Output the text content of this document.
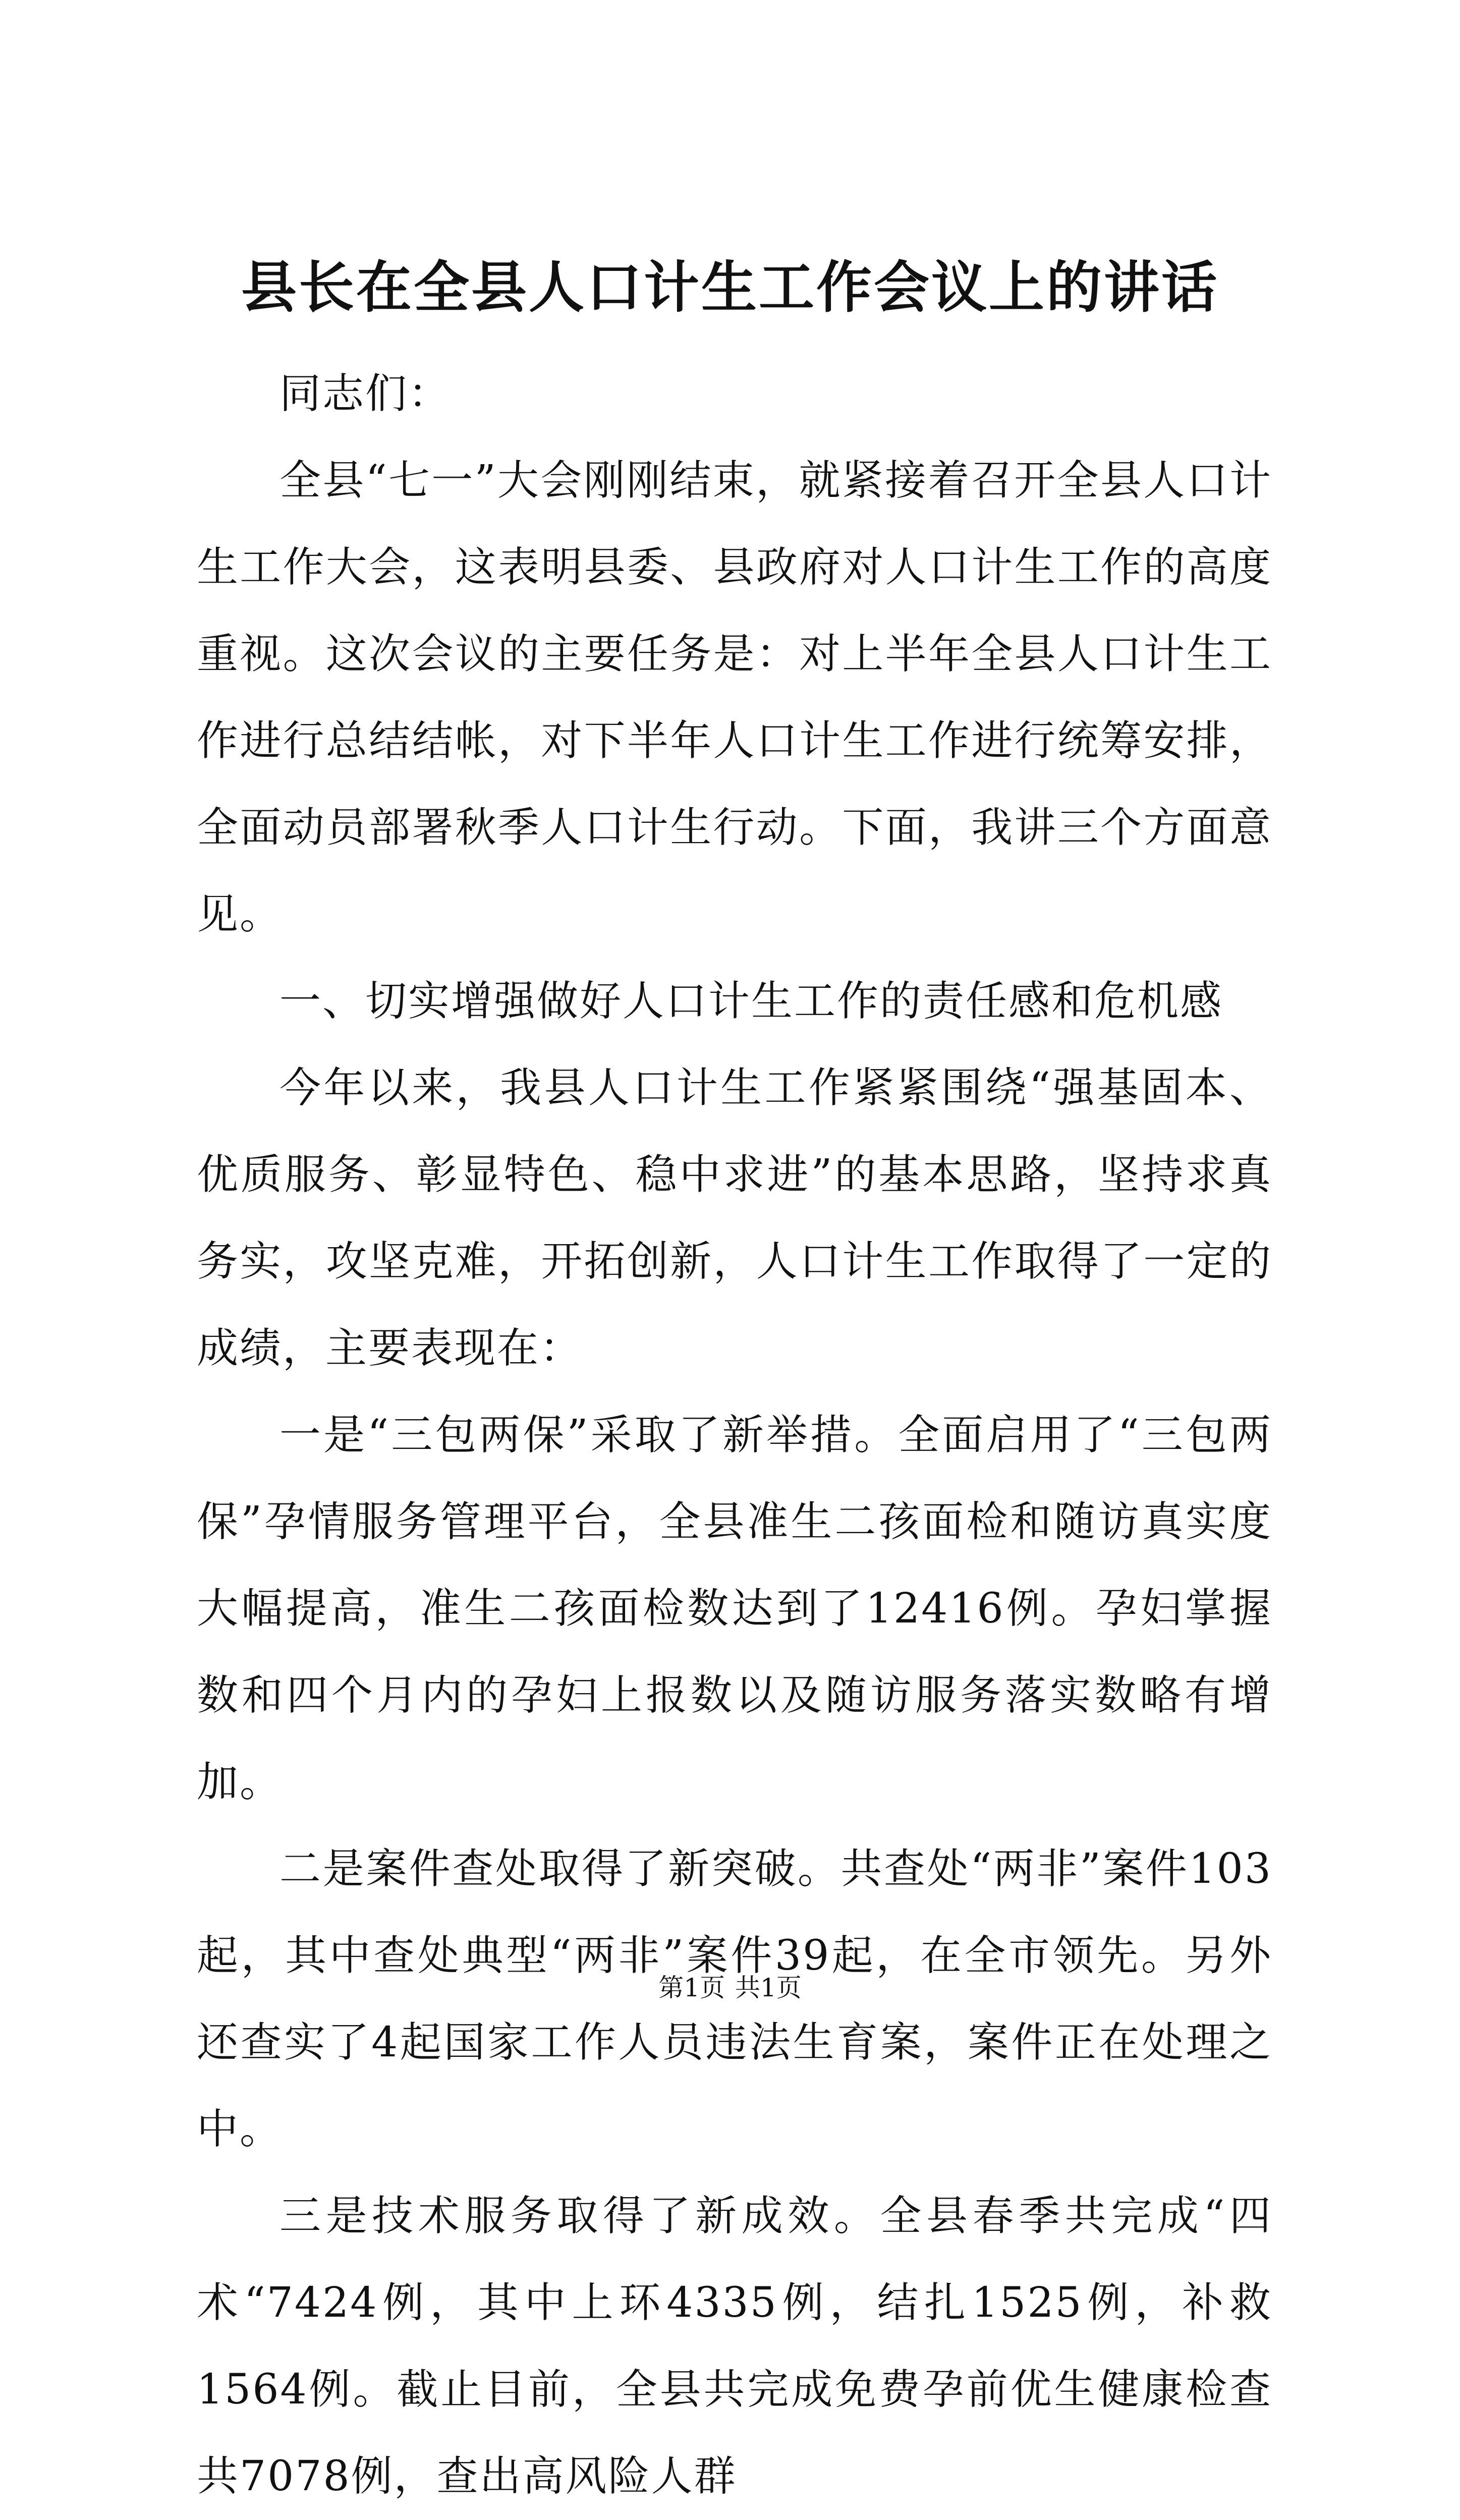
县长在全县人口计生工作会议上的讲话

同志们：

全县“七一”大会刚刚结束，就紧接着召开全县人口计生工作大会，这表明县委、县政府对人口计生工作的高度重视。这次会议的主要任务是：对上半年全县人口计生工作进行总结结帐，对下半年人口计生工作进行统筹安排，全面动员部署秋季人口计生行动。下面，我讲三个方面意见。

一、切实增强做好人口计生工作的责任感和危机感

今年以来，我县人口计生工作紧紧围绕“强基固本、优质服务、彰显特色、稳中求进”的基本思路，坚持求真务实，攻坚克难，开拓创新，人口计生工作取得了一定的成绩，主要表现在：

一是“三包两保”采取了新举措。全面启用了“三包两保”孕情服务管理平台，全县准生二孩面检和随访真实度大幅提高，准生二孩面检数达到了12416例。孕妇掌握数和四个月内的孕妇上报数以及随访服务落实数略有增加。

二是案件查处取得了新突破。共查处“两非”案件103起，其中查处典型“两非”案件39起，在全市领先。另外还查实了4起国家工作人员违法生育案，案件正在处理之中。

三是技术服务取得了新成效。全县春季共完成“四术“7424例，其中上环4335例，结扎1525例，补救1564例。截止目前，全县共完成免费孕前优生健康检查共7078例，查出高风险人群

第1页 共1页
